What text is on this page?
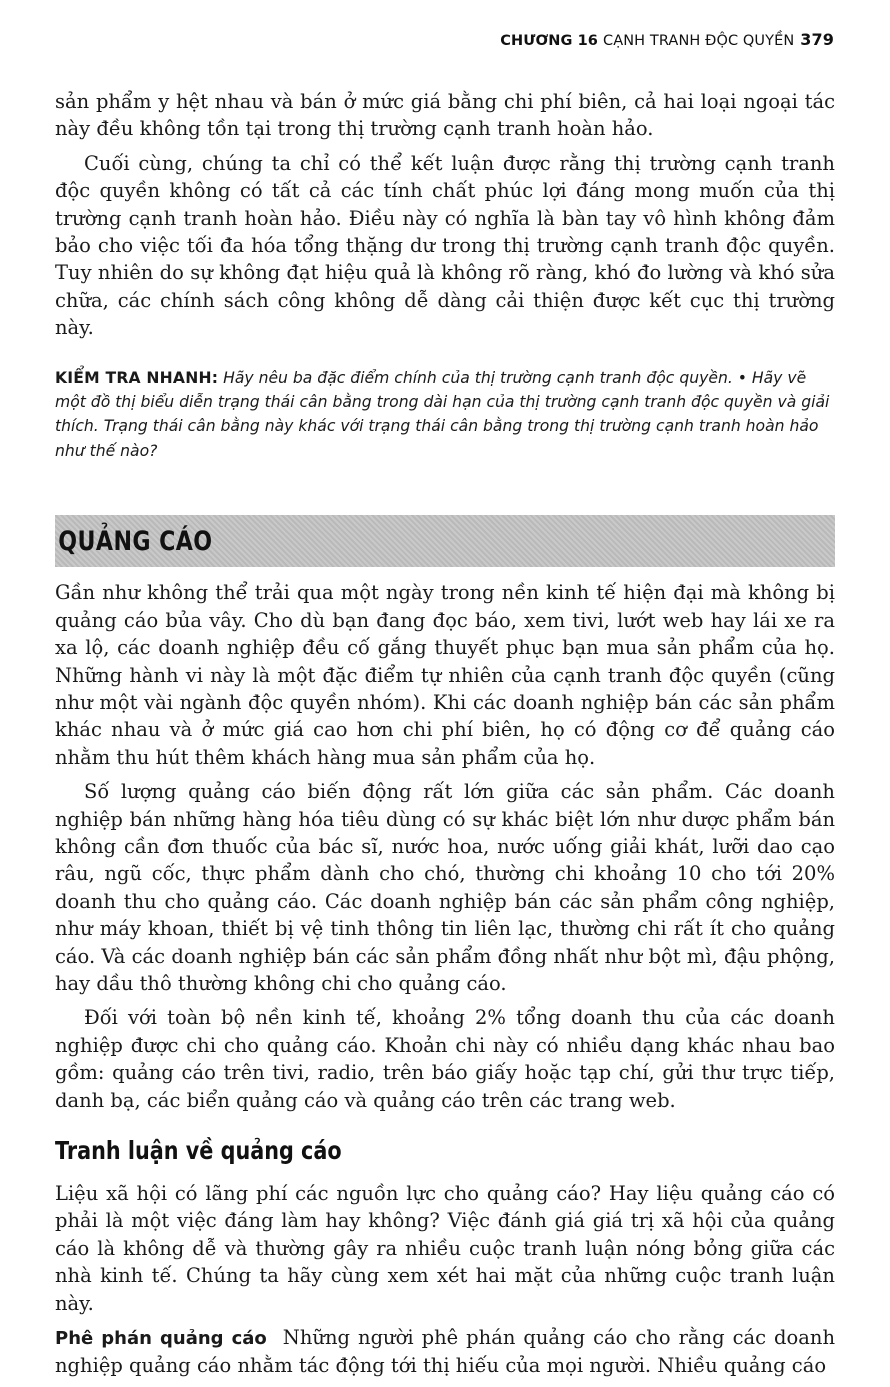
CHƯƠNG 16 CẠNH TRANH ĐỘC QUYỀN 379

sản phẩm y hệt nhau và bán ở mức giá bằng chi phí biên, cả hai loại ngoại tác này đều không tồn tại trong thị trường cạnh tranh hoàn hảo.

Cuối cùng, chúng ta chỉ có thể kết luận được rằng thị trường cạnh tranh độc quyền không có tất cả các tính chất phúc lợi đáng mong muốn của thị trường cạnh tranh hoàn hảo. Điều này có nghĩa là bàn tay vô hình không đảm bảo cho việc tối đa hóa tổng thặng dư trong thị trường cạnh tranh độc quyền. Tuy nhiên do sự không đạt hiệu quả là không rõ ràng, khó đo lường và khó sửa chữa, các chính sách công không dễ dàng cải thiện được kết cục thị trường này.

KIỂM TRA NHANH: Hãy nêu ba đặc điểm chính của thị trường cạnh tranh độc quyền. • Hãy vẽ một đồ thị biểu diễn trạng thái cân bằng trong dài hạn của thị trường cạnh tranh độc quyền và giải thích. Trạng thái cân bằng này khác với trạng thái cân bằng trong thị trường cạnh tranh hoàn hảo như thế nào?

QUẢNG CÁO

Gần như không thể trải qua một ngày trong nền kinh tế hiện đại mà không bị quảng cáo bủa vây. Cho dù bạn đang đọc báo, xem tivi, lướt web hay lái xe ra xa lộ, các doanh nghiệp đều cố gắng thuyết phục bạn mua sản phẩm của họ. Những hành vi này là một đặc điểm tự nhiên của cạnh tranh độc quyền (cũng như một vài ngành độc quyền nhóm). Khi các doanh nghiệp bán các sản phẩm khác nhau và ở mức giá cao hơn chi phí biên, họ có động cơ để quảng cáo nhằm thu hút thêm khách hàng mua sản phẩm của họ.

Số lượng quảng cáo biến động rất lớn giữa các sản phẩm. Các doanh nghiệp bán những hàng hóa tiêu dùng có sự khác biệt lớn như dược phẩm bán không cần đơn thuốc của bác sĩ, nước hoa, nước uống giải khát, lưỡi dao cạo râu, ngũ cốc, thực phẩm dành cho chó, thường chi khoảng 10 cho tới 20% doanh thu cho quảng cáo. Các doanh nghiệp bán các sản phẩm công nghiệp, như máy khoan, thiết bị vệ tinh thông tin liên lạc, thường chi rất ít cho quảng cáo. Và các doanh nghiệp bán các sản phẩm đồng nhất như bột mì, đậu phộng, hay dầu thô thường không chi cho quảng cáo.

Đối với toàn bộ nền kinh tế, khoảng 2% tổng doanh thu của các doanh nghiệp được chi cho quảng cáo. Khoản chi này có nhiều dạng khác nhau bao gồm: quảng cáo trên tivi, radio, trên báo giấy hoặc tạp chí, gửi thư trực tiếp, danh bạ, các biển quảng cáo và quảng cáo trên các trang web.

Tranh luận về quảng cáo

Liệu xã hội có lãng phí các nguồn lực cho quảng cáo? Hay liệu quảng cáo có phải là một việc đáng làm hay không? Việc đánh giá giá trị xã hội của quảng cáo là không dễ và thường gây ra nhiều cuộc tranh luận nóng bỏng giữa các nhà kinh tế. Chúng ta hãy cùng xem xét hai mặt của những cuộc tranh luận này.

Phê phán quảng cáo Những người phê phán quảng cáo cho rằng các doanh nghiệp quảng cáo nhằm tác động tới thị hiếu của mọi người. Nhiều quảng cáo
